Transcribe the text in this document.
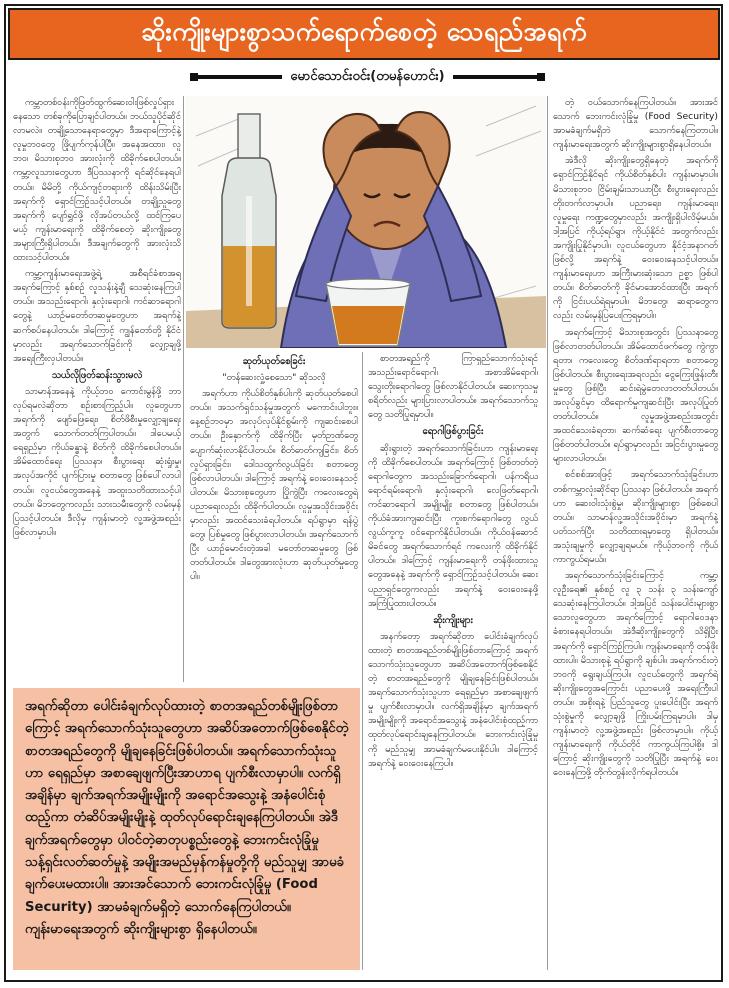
ဆိုးကျိုးများစွာသက်ရောက်စေတဲ့ သေရည်အရက်
မောင်သောင်းဝင်း(တမန်ဟောင်း)

ကမ္ဘာတစ်ဝန်းကိုဖြတ်ထွက်ဆေးဝါးဖြစ်လှုပ်ရှားနေသော တစ်ခုကိုပြောချင်ပါတယ်။ ဘယ်သူပိုင်ဆိုင်လာမလဲ။ တချို့သောနေရာတွေမှာ ဒီအရာကြောင့်နဲ့ လူမှုဘဝတွေ ဖြိုပျက်ကုန်ပါပြီ။ အနေအထား၊ လူဘဝ၊ မိသားစုဘဝ အားလုံးကို ထိခိုက်စေပါတယ်။ ကမ္ဘာ့လူသားတွေဟာ ဒီပြဿနာကို ရင်ဆိုင်နေရပါတယ်။ မိမိတို့ ကိုယ်ကျင့်တရားကို ထိန်းသိမ်းပြီး အရက်ကို ရှောင်ကြဉ်သင့်ပါတယ်။ တချို့သူတွေ အရက်ကို ပျော်ရွှင်ဖို့ လိုအပ်တယ်လို့ ထင်ကြပေမယ့် ကျန်းမာရေးကို ထိခိုက်စေတဲ့ ဆိုးကျိုးတွေ အများကြီးရှိပါတယ်။ ဒီအချက်တွေကို အားလုံးသိထားသင့်ပါတယ်။

ကမ္ဘာ့ကျန်းမာရေးအဖွဲ့ရဲ့ အစီရင်ခံစာအရ အရက်ကြောင့် နှစ်စဉ် လူသန်းနဲ့ချီ သေဆုံးနေကြပါတယ်။ အသည်းရောဂါ၊ နှလုံးရောဂါ၊ ကင်ဆာရောဂါတွေနဲ့ ယာဉ်မတော်တဆမှုတွေဟာ အရက်နဲ့ ဆက်စပ်နေပါတယ်။ ဒါကြောင့် ကျွန်တော်တို့ နိုင်ငံမှာလည်း အရက်သောက်ခြင်းကို လျှော့ချဖို့ အရေးကြီးလှပါတယ်။

သယ်လိုဖြတ်ဆန်းသွားမလဲ

သာမာန်အနေနဲ့ ကိုယ့်ဘဝ ကောင်းမွန်ဖို့ ဘာလုပ်ရမလဲဆိုတာ စဉ်းစားကြည့်ပါ။ လူတွေဟာ အရက်ကို ဖျော်ဖြေရေး၊ စိတ်ဖိစီးမှုလျှော့ချရေးအတွက် သောက်တတ်ကြပါတယ်။ ဒါပေမယ့် ရေရှည်မှာ ကိုယ်ခန္ဓာနဲ့ စိတ်ကို ထိခိုက်စေပါတယ်။ အိမ်ထောင်ရေး ပြဿနာ၊ စီးပွားရေး ဆုံးရှုံးမှု၊ အလုပ်အကိုင် ပျက်ပြားမှု စတာတွေ ဖြစ်ပေါ်လာပါတယ်။ လူငယ်တွေအနေနဲ့ အထူးသတိထားသင့်ပါတယ်။ မိဘတွေကလည်း သားသမီးတွေကို လမ်းမှန်ပြသင့်ပါတယ်။ ဒီလိုမှ ကျန်းမာတဲ့ လူ့အဖွဲ့အစည်း ဖြစ်လာမှာပါ။

ဆုတ်ယုတ်စေခြင်း

"တန်ဆေးလှုံ့စေသော" ဆိုသလို

အရက်ဟာ ကိုယ်စိတ်နှစ်ပါးကို ဆုတ်ယုတ်စေပါတယ်။ အသက်ရှင်သန်မှုအတွက် မကောင်းပါဘူး။ နေ့စဉ်ဘဝမှာ အလုပ်လုပ်နိုင်စွမ်းကို ကျဆင်းစေပါတယ်။ ဦးနှောက်ကို ထိခိုက်ပြီး မှတ်ဉာဏ်တွေ ပျောက်ဆုံးလာနိုင်ပါတယ်။ စိတ်ဓာတ်ကျခြင်း၊ စိတ်လှုပ်ရှားခြင်း၊ ဒေါသထွက်လွယ်ခြင်း စတာတွေ ဖြစ်လာပါတယ်။ ဒါကြောင့် အရက်နဲ့ ဝေးဝေးနေသင့်ပါတယ်။ မိသားစုတွေဟာ ပြိုကွဲပြီး ကလေးတွေရဲ့ ပညာရေးလည်း ထိခိုက်ပါတယ်။ လူမှုအသိုင်းအဝိုင်းမှာလည်း အထင်သေးခံရပါတယ်။ ရပ်ရွာမှာ ရန်ပွဲတွေ၊ ပြစ်မှုတွေ ဖြစ်ပွားလာပါတယ်။ အရက်သောက်ပြီး ယာဉ်မောင်းတဲ့အခါ မတော်တဆမှုတွေ ဖြစ်တတ်ပါတယ်။ ဒါတွေအားလုံးဟာ ဆုတ်ယုတ်မှုတွေပါ။

စာတအရည်ကို ကြာရှည်သောက်သုံးရင် အသည်းရောင်ရောဂါ၊ အစာအိမ်ရောဂါ၊ သွေးတိုးရောဂါတွေ ဖြစ်လာနိုင်ပါတယ်။ ဆေးကုသမှုစရိတ်လည်း များပြားလာပါတယ်။ အရက်သောက်သူတွေ သတိပြုရမှာပါ။

ရောဂါဖြစ်ပွားခြင်း

ဆိုးရွားတဲ့ အရက်သောက်ခြင်းဟာ ကျန်းမာရေးကို ထိခိုက်စေပါတယ်။ အရက်ကြောင့် ဖြစ်တတ်တဲ့ ရောဂါတွေက အသည်းခြောက်ရောဂါ၊ ပန်ကရိယ ရောင်ရမ်းရောဂါ၊ နှလုံးရောဂါ၊ လေဖြတ်ရောဂါ၊ ကင်ဆာရောဂါ အမျိုးမျိုး စတာတွေ ဖြစ်ပါတယ်။ ကိုယ်ခံအားကျဆင်းပြီး ကူးစက်ရောဂါတွေ လွယ်လွယ်ကူကူ ဝင်ရောက်နိုင်ပါတယ်။ ကိုယ်ဝန်ဆောင်မိခင်တွေ အရက်သောက်ရင် ကလေးကို ထိခိုက်နိုင်ပါတယ်။ ဒါကြောင့် ကျန်းမာရေးကို တန်ဖိုးထားသူတွေအနေနဲ့ အရက်ကို ရှောင်ကြဉ်သင့်ပါတယ်။ ဆေးပညာရှင်တွေကလည်း အရက်နဲ့ ဝေးဝေးနေဖို့ အကြံပြုထားပါတယ်။

ဆိုးကျိုးများ

အနက်တော့ အရက်ဆိုတာ ပေါင်းခံချက်လုပ်ထားတဲ့ စာတအရည်တစ်မျိုးဖြစ်တာကြောင့် အရက်သောက်သုံးသူတွေဟာ အဆိပ်အတောက်ဖြစ်စေနိုင်တဲ့ စာတအရည်တွေကို မျိုချနေခြင်းဖြစ်ပါတယ်။ အရက်သောက်သုံးသူဟာ ရေရှည်မှာ အစာချေဖျက်မှု ပျက်စီးလာမှာပါ။ လက်ရှိအချိန်မှာ ချက်အရက်အမျိုးမျိုးကို အရောင်အသွေးနဲ့ အနံပေါင်းစုံထည့်ကာ ထုတ်လုပ်ရောင်းချနေကြပါတယ်။ ဘေးကင်းလုံခြုံမှုကို မည်သူမျှ အာမခံချက်မပေးနိုင်ပါ။ ဒါကြောင့် အရက်နဲ့ ဝေးဝေးနေကြပါ။

တဲ့ ဝယ်သောက်နေကြပါတယ်။ အားအင်သောက် ဘေးကင်းလုံခြုံမှု (Food Security) အာမခံချက်မရှိဘဲ သောက်နေကြတာပါ။ ကျန်းမာရေးအတွက် ဆိုးကျိုးများစွာရှိနေပါတယ်။

အဲဒီလို ဆိုးကျိုးတွေရှိနေတဲ့ အရက်ကို ရှောင်ကြဉ်နိုင်ရင် ကိုယ်စိတ်နှစ်ပါး ကျန်းမာမှာပါ။ မိသားစုဘဝ ငြိမ်းချမ်းသာယာပြီး စီးပွားရေးလည်း တိုးတက်လာမှာပါ။ ပညာရေး၊ ကျန်းမာရေး၊ လူမှုရေး ကဏ္ဍတွေမှာလည်း အကျိုးရှိပါလိမ့်မယ်။ ဒါ့အပြင် ကိုယ့်ရပ်ရွာ၊ ကိုယ့်နိုင်ငံ အတွက်လည်း အကျိုးပြုနိုင်မှာပါ။ လူငယ်တွေဟာ နိုင်ငံ့အနာဂတ်ဖြစ်လို့ အရက်နဲ့ ဝေးဝေးနေသင့်ပါတယ်။ ကျန်းမာရေးဟာ အကြီးမားဆုံးသော ဥစ္စာ ဖြစ်ပါတယ်။ စိတ်ဓာတ်ကို ခိုင်မာအောင်ထားပြီး အရက်ကို ငြင်းပယ်ရဲရမှာပါ။ မိဘတွေ၊ ဆရာတွေကလည်း လမ်းမှန်ပြပေးကြရမှာပါ။

အရက်ကြောင့် မိသားစုအတွင်း ပြဿနာတွေ ဖြစ်လာတတ်ပါတယ်။ အိမ်ထောင်ဖက်တွေ ကွဲကွာရတာ၊ ကလေးတွေ စိတ်ဒဏ်ရာရတာ စတာတွေ ဖြစ်ပါတယ်။ စီးပွားရေးအရလည်း ငွေကြေးဖြုန်းတီးမှုတွေ ဖြစ်ပြီး ဆင်းရဲမွဲတေလာတတ်ပါတယ်။ အလုပ်ခွင်မှာ ထိရောက်မှုကျဆင်းပြီး အလုပ်ပြုတ်တတ်ပါတယ်။ လူမှုအဖွဲ့အစည်းအတွင်း အထင်သေးခံရတာ၊ ဆက်ဆံရေး ပျက်စီးတာတွေ ဖြစ်တတ်ပါတယ်။ ရပ်ရွာမှာလည်း အငြင်းပွားမှုတွေ များလာပါတယ်။

စင်စစ်အားဖြင့် အရက်သောက်သုံးခြင်းဟာ တစ်ကမ္ဘာလုံးဆိုင်ရာ ပြဿနာ ဖြစ်ပါတယ်။ အရက်ဟာ ဆေးဝါးသုံးစွဲမှု၊ ဆိုးကျိုးများစွာ ဖြစ်စေပါတယ်။ သာမာန်လူ့အသိုင်းအဝိုင်းမှာ အရက်နဲ့ ပတ်သက်ပြီး သတိထားရမှာတွေ ရှိပါတယ်။ အသုံးချမှုကို လျှော့ချရမယ်။ ကိုယ့်ဘဝကို ကိုယ်ကာကွယ်ရမယ်။

အရက်သောက်သုံးခြင်းကြောင့် ကမ္ဘာ့လူဦးရေ၏ နှစ်စဉ် လူ ၃ သန်း ၃ သန်းကျော် သေဆုံးနေကြပါတယ်။ ဒါ့အပြင် သန်းပေါင်းများစွာသောလူတွေဟာ အရက်ကြောင့် ရောဂါဝေဒနာ ခံစားနေရပါတယ်။ အဲဒီဆိုးကျိုးတွေကို သိရှိပြီး အရက်ကို ရှောင်ကြဉ်ကြပါ။ ကျန်းမာရေးကို တန်ဖိုးထားပါ။ မိသားစုနဲ့ ရပ်ရွာကို ချစ်ပါ။ အရက်ကင်းတဲ့ ဘဝကို ရွေးချယ်ကြပါ။ လူငယ်တွေကို အရက်ရဲ့ ဆိုးကျိုးတွေအကြောင်း ပညာပေးဖို့ အရေးကြီးပါတယ်။ အစိုးရနဲ့ ပြည်သူတွေ ပူးပေါင်းပြီး အရက်သုံးစွဲမှုကို လျှော့ချဖို့ ကြိုးပမ်းကြရမှာပါ။ ဒါမှ ကျန်းမာတဲ့ လူ့အဖွဲ့အစည်း ဖြစ်လာမှာပါ။ ကိုယ့်ကျန်းမာရေးကို ကိုယ်တိုင် ကာကွယ်ကြပါစို့။ ဒါကြောင့် ဆိုးကျိုးတွေကို သတိပြုပြီး အရက်နဲ့ ဝေးဝေးနေကြဖို့ တိုက်တွန်းလိုက်ရပါတယ်။

အရက်ဆိုတာ ပေါင်းခံချက်လုပ်ထားတဲ့ စာတအရည်တစ်မျိုးဖြစ်တာကြောင့် အရက်သောက်သုံးသူတွေဟာ အဆိပ်အတောက်ဖြစ်စေနိုင်တဲ့ စာတအရည်တွေကို မျိုချနေခြင်းဖြစ်ပါတယ်။ အရက်သောက်သုံးသူဟာ ရေရှည်မှာ အစာချေဖျက်ပြီးအာဟာရ ပျက်စီးလာမှာပါ။ လက်ရှိအချိန်မှာ ချက်အရက်အမျိုးမျိုးကို အရောင်အသွေးနဲ့ အနံပေါင်းစုံထည့်ကာ တံဆိပ်အမျိုးမျိုးနဲ့ ထုတ်လုပ်ရောင်းချနေကြပါတယ်။ အဲဒီချက်အရက်တွေမှာ ပါဝင်တဲ့ဓာတုပစ္စည်းတွေနဲ့ ဘေးကင်းလုံခြုံမှု သန့်ရှင်းလတ်ဆတ်မှုနဲ့ အမျိုးအမည်မှန်ကန်မှုတို့ကို မည်သူမျှ အာမခံချက်ပေးမထားပါ။ အားအင်သောက် ဘေးကင်းလုံခြုံမှု (Food Security) အာမခံချက်မရှိတဲ့ သောက်နေကြပါတယ်။ ကျန်းမာရေးအတွက် ဆိုးကျိုးများစွာ ရှိနေပါတယ်။
